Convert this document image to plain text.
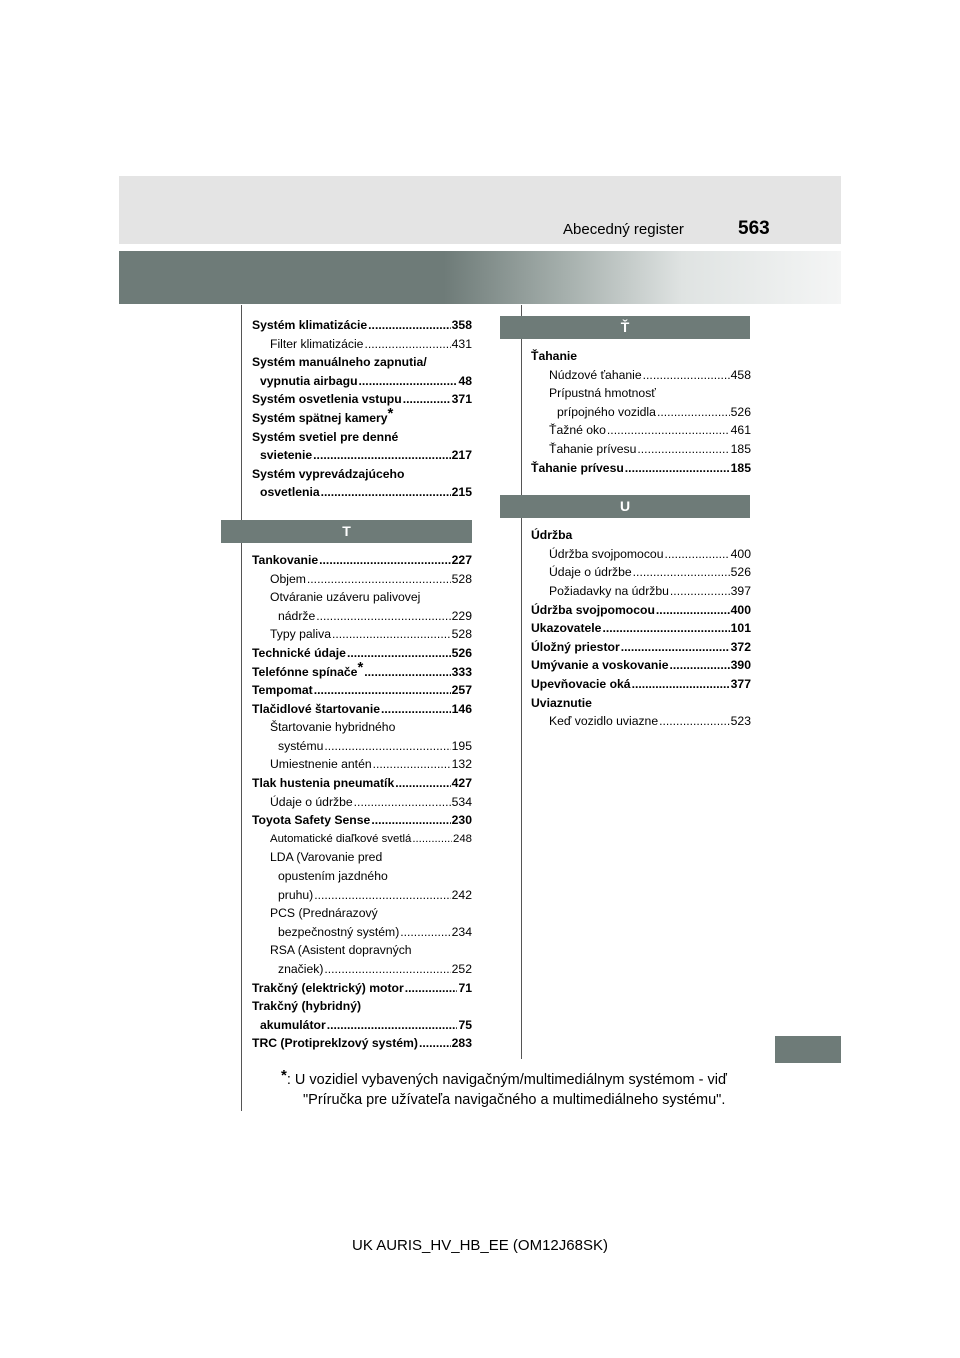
Abecedný register	563
Systém klimatizácie .....	358
Filter klimatizácie .....	431
Systém manuálneho zapnutia/
vypnutia airbagu .....	48
Systém osvetlenia vstupu .....	371
Systém spätnej kamery*
Systém svetiel pre denné
svietenie .....	217
Systém vyprevádzajúceho
osvetlenia .....	215
T
Tankovanie .....	227
Objem .....	528
Otváranie uzáveru palivovej
nádrže .....	229
Typy paliva .....	528
Technické údaje .....	526
Telefónne spínače* .....	333
Tempomat .....	257
Tlačidlové štartovanie .....	146
Štartovanie hybridného
systému .....	195
Umiestnenie antén .....	132
Tlak hustenia pneumatík .....	427
Údaje o údržbe .....	534
Toyota Safety Sense .....	230
Automatické diaľkové svetlá .....	248
LDA (Varovanie pred
opustením jazdného
pruhu) .....	242
PCS (Prednárazový
bezpečnostný systém) .....	234
RSA (Asistent dopravných
značiek) .....	252
Trakčný (elektrický) motor .....	71
Trakčný (hybridný)
akumulátor .....	75
TRC (Protipreklzový systém) .....	283
Ť
Ťahanie
Núdzové ťahanie .....	458
Prípustná hmotnosť
prípojného vozidla .....	526
Ťažné oko .....	461
Ťahanie prívesu .....	185
Ťahanie prívesu .....	185
U
Údržba
Údržba svojpomocou .....	400
Údaje o údržbe .....	526
Požiadavky na údržbu .....	397
Údržba svojpomocou .....	400
Ukazovatele .....	101
Úložný priestor .....	372
Umývanie a voskovanie .....	390
Upevňovacie oká .....	377
Uviaznutie
Keď vozidlo uviazne .....	523
*: U vozidiel vybavených navigačným/multimediálnym systémom - viď
"Príručka pre užívateľa navigačného a multimediálneho systému".
UK AURIS_HV_HB_EE (OM12J68SK)
